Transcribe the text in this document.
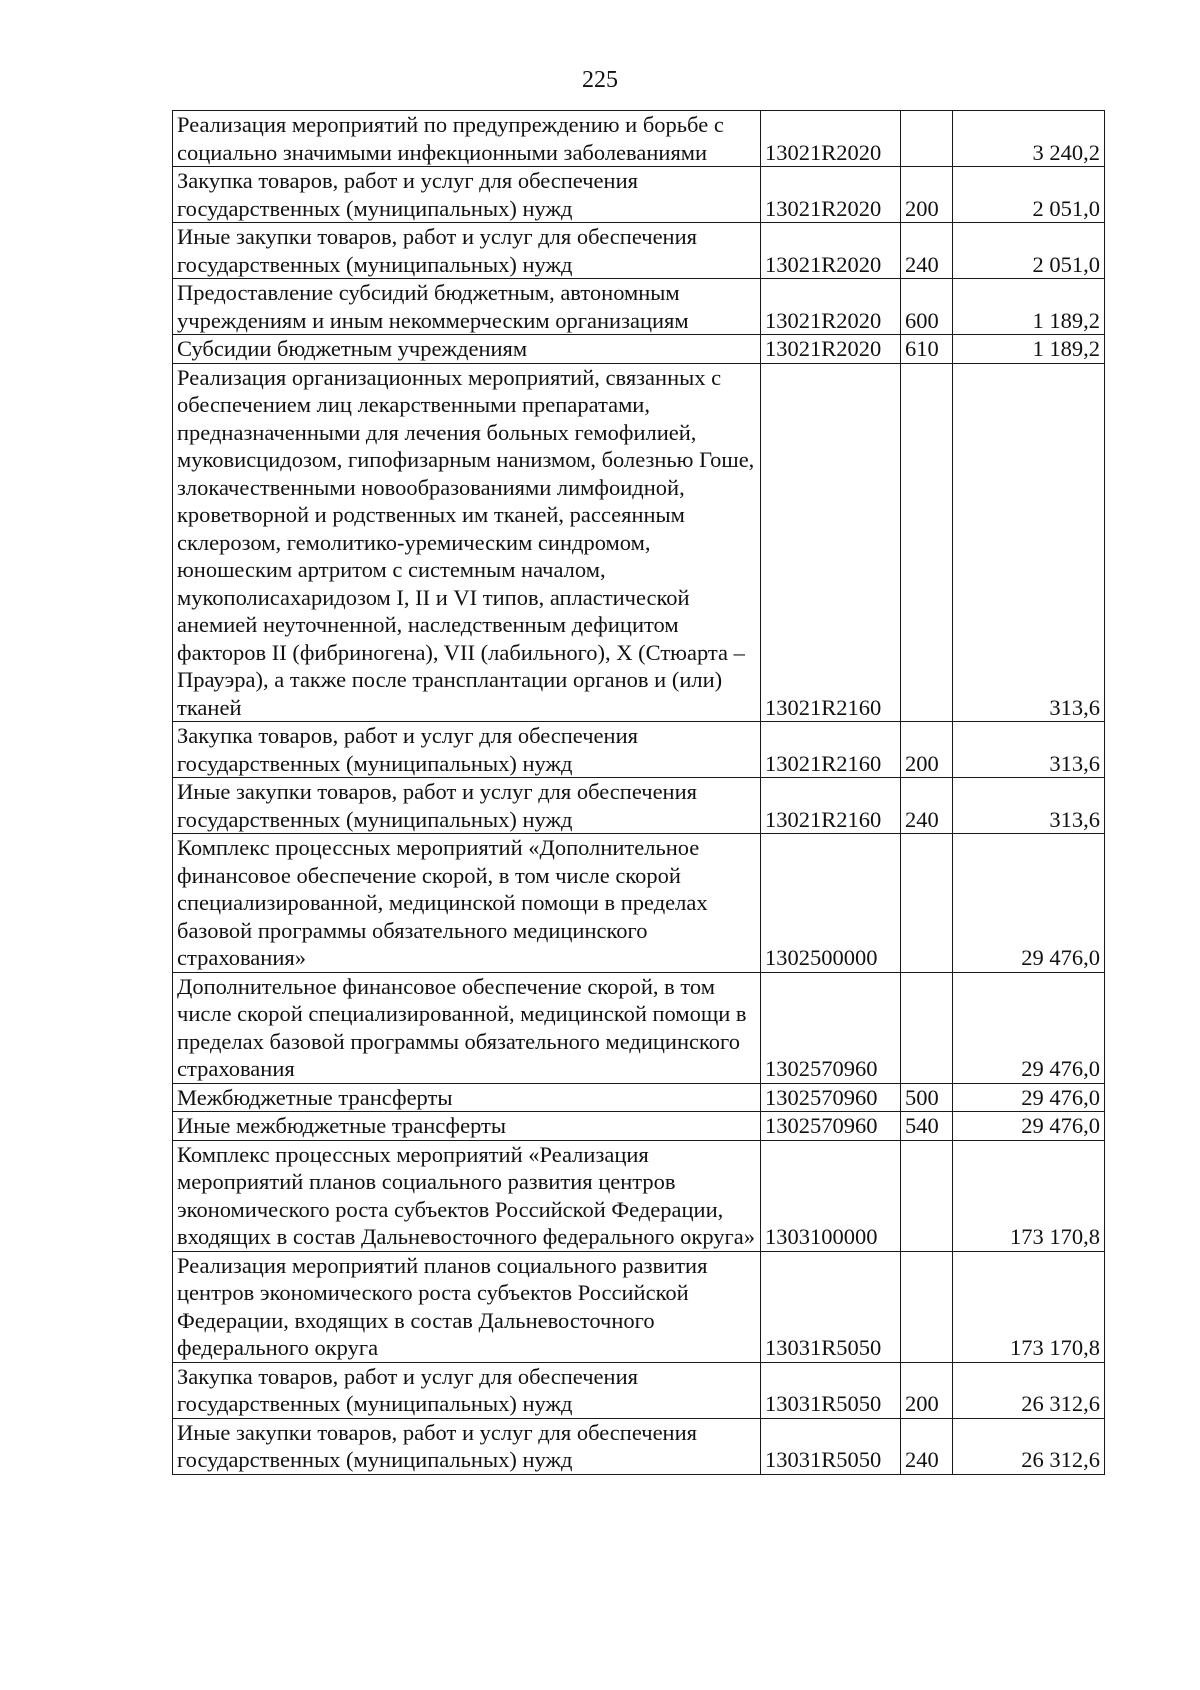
225
Реализация мероприятий по предупреждению и борьбе с социально значимыми инфекционными заболеваниями	13021R2020		3 240,2
Закупка товаров, работ и услуг для обеспечения государственных (муниципальных) нужд	13021R2020	200	2 051,0
Иные закупки товаров, работ и услуг для обеспечения государственных (муниципальных) нужд	13021R2020	240	2 051,0
Предоставление субсидий бюджетным, автономным учреждениям и иным некоммерческим организациям	13021R2020	600	1 189,2
Субсидии бюджетным учреждениям	13021R2020	610	1 189,2
Реализация организационных мероприятий, связанных с обеспечением лиц лекарственными препаратами, предназначенными для лечения больных гемофилией, муковисцидозом, гипофизарным нанизмом, болезнью Гоше, злокачественными новообразованиями лимфоидной, кроветворной и родственных им тканей, рассеянным склерозом, гемолитико-уремическим синдромом, юношеским артритом с системным началом, мукополисахаридозом I, II и VI типов, апластической анемией неуточненной, наследственным дефицитом факторов II (фибриногена), VII (лабильного), X (Стюарта – Прауэра), а также после трансплантации органов и (или) тканей	13021R2160		313,6
Закупка товаров, работ и услуг для обеспечения государственных (муниципальных) нужд	13021R2160	200	313,6
Иные закупки товаров, работ и услуг для обеспечения государственных (муниципальных) нужд	13021R2160	240	313,6
Комплекс процессных мероприятий «Дополнительное финансовое обеспечение скорой, в том числе скорой специализированной, медицинской помощи в пределах базовой программы обязательного медицинского страхования»	1302500000		29 476,0
Дополнительное финансовое обеспечение скорой, в том числе скорой специализированной, медицинской помощи в пределах базовой программы обязательного медицинского страхования	1302570960		29 476,0
Межбюджетные трансферты	1302570960	500	29 476,0
Иные межбюджетные трансферты	1302570960	540	29 476,0
Комплекс процессных мероприятий «Реализация мероприятий планов социального развития центров экономического роста субъектов Российской Федерации, входящих в состав Дальневосточного федерального округа»	1303100000		173 170,8
Реализация мероприятий планов социального развития центров экономического роста субъектов Российской Федерации, входящих в состав Дальневосточного федерального округа	13031R5050		173 170,8
Закупка товаров, работ и услуг для обеспечения государственных (муниципальных) нужд	13031R5050	200	26 312,6
Иные закупки товаров, работ и услуг для обеспечения государственных (муниципальных) нужд	13031R5050	240	26 312,6
